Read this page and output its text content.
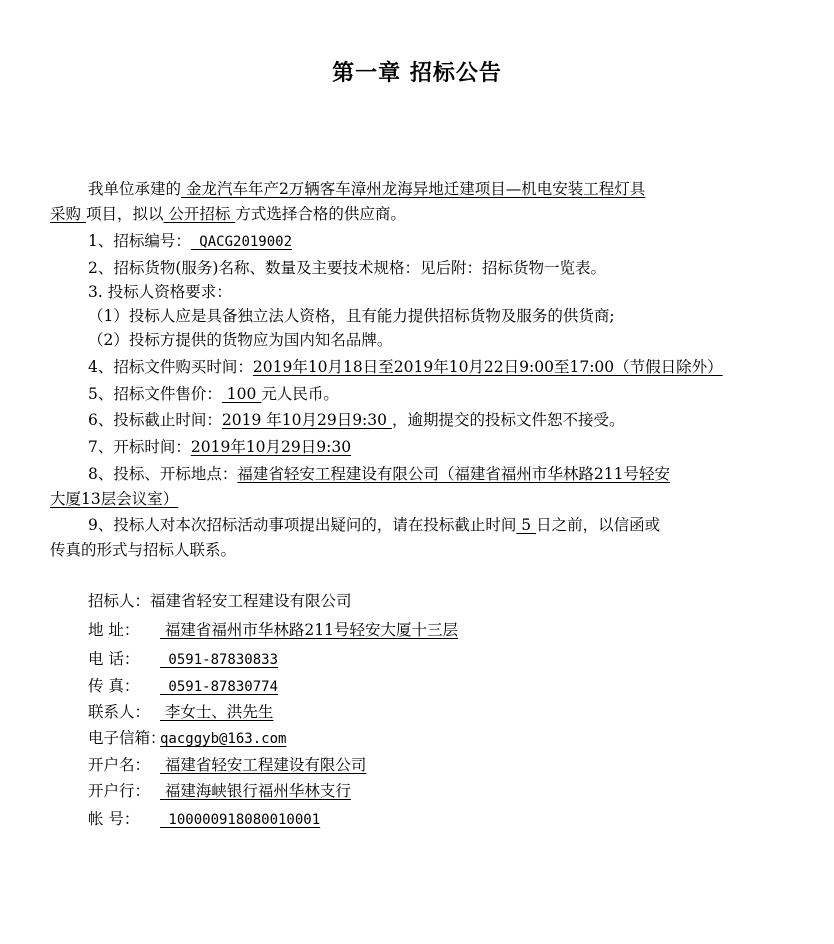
第一章 招标公告
我单位承建的 金龙汽车年产2万辆客车漳州龙海异地迁建项目—机电安装工程灯具
采购 项目，拟以 公开招标 方式选择合格的供应商。
1、招标编号： QACG2019002
2、招标货物(服务)名称、数量及主要技术规格：见后附：招标货物一览表。
3. 投标人资格要求：
（1）投标人应是具备独立法人资格，且有能力提供招标货物及服务的供货商;
（2）投标方提供的货物应为国内知名品牌。
4、招标文件购买时间：2019年10月18日至2019年10月22日9:00至17:00（节假日除外）
5、招标文件售价： 100 元人民币。
6、投标截止时间：2019 年10月29日9:30 ，逾期提交的投标文件恕不接受。
7、开标时间：2019年10月29日9:30
8、投标、开标地点：福建省轻安工程建设有限公司（福建省福州市华林路211号轻安
大厦13层会议室）
9、投标人对本次招标活动事项提出疑问的，请在投标截止时间 5 日之前，以信函或
传真的形式与招标人联系。
招标人：福建省轻安工程建设有限公司
地 址： 福建省福州市华林路211号轻安大厦十三层
电 话： 0591-87830833
传 真： 0591-87830774
联系人： 李女士、洪先生
电子信箱：qacggyb@163.com
开户名： 福建省轻安工程建设有限公司
开户行： 福建海峡银行福州华林支行
帐 号： 100000918080010001
